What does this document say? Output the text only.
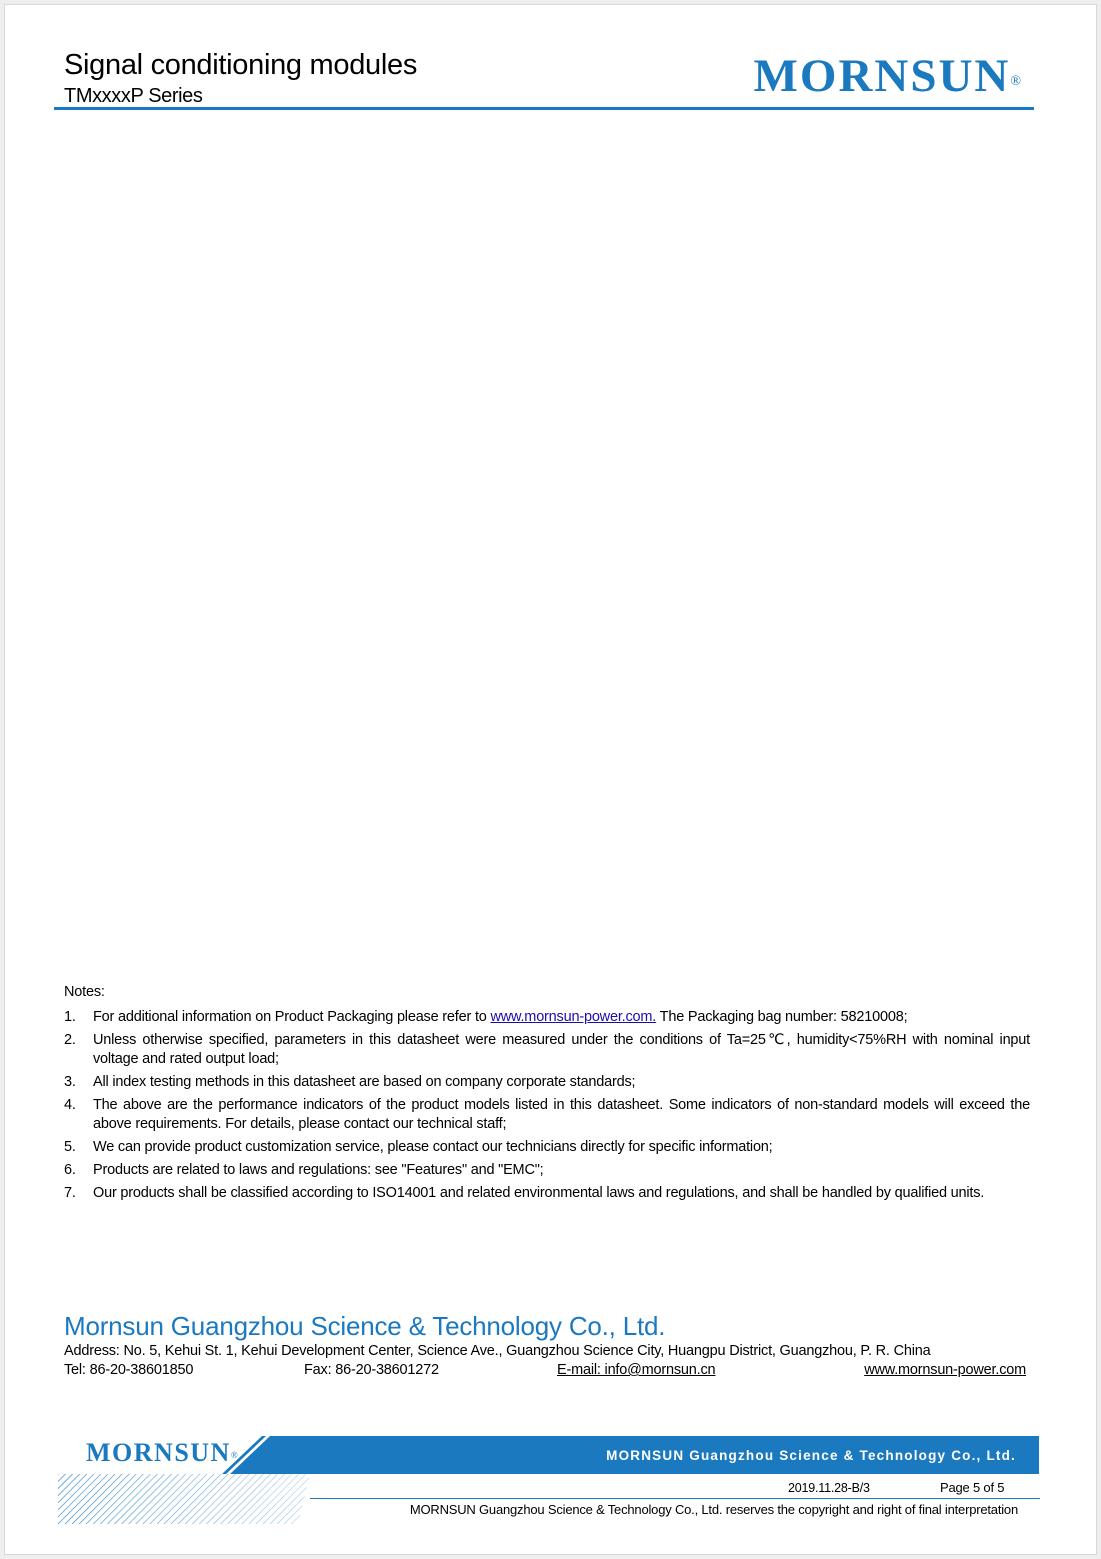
Signal conditioning modules
TMxxxxP Series	MORNSUN®
Notes:
1. For additional information on Product Packaging please refer to www.mornsun-power.com. The Packaging bag number: 58210008;
2. Unless otherwise specified, parameters in this datasheet were measured under the conditions of Ta=25℃, humidity<75%RH with nominal input voltage and rated output load;
3. All index testing methods in this datasheet are based on company corporate standards;
4. The above are the performance indicators of the product models listed in this datasheet. Some indicators of non-standard models will exceed the above requirements. For details, please contact our technical staff;
5. We can provide product customization service, please contact our technicians directly for specific information;
6. Products are related to laws and regulations: see "Features" and "EMC";
7. Our products shall be classified according to ISO14001 and related environmental laws and regulations, and shall be handled by qualified units.
Mornsun Guangzhou Science & Technology Co., Ltd.
Address: No. 5, Kehui St. 1, Kehui Development Center, Science Ave., Guangzhou Science City, Huangpu District, Guangzhou, P. R. China
Tel: 86-20-38601850	Fax: 86-20-38601272	E-mail: info@mornsun.cn	www.mornsun-power.com
MORNSUN Guangzhou Science & Technology Co., Ltd.
MORNSUN®
2019.11.28-B/3	Page 5 of 5
MORNSUN Guangzhou Science & Technology Co., Ltd. reserves the copyright and right of final interpretation
